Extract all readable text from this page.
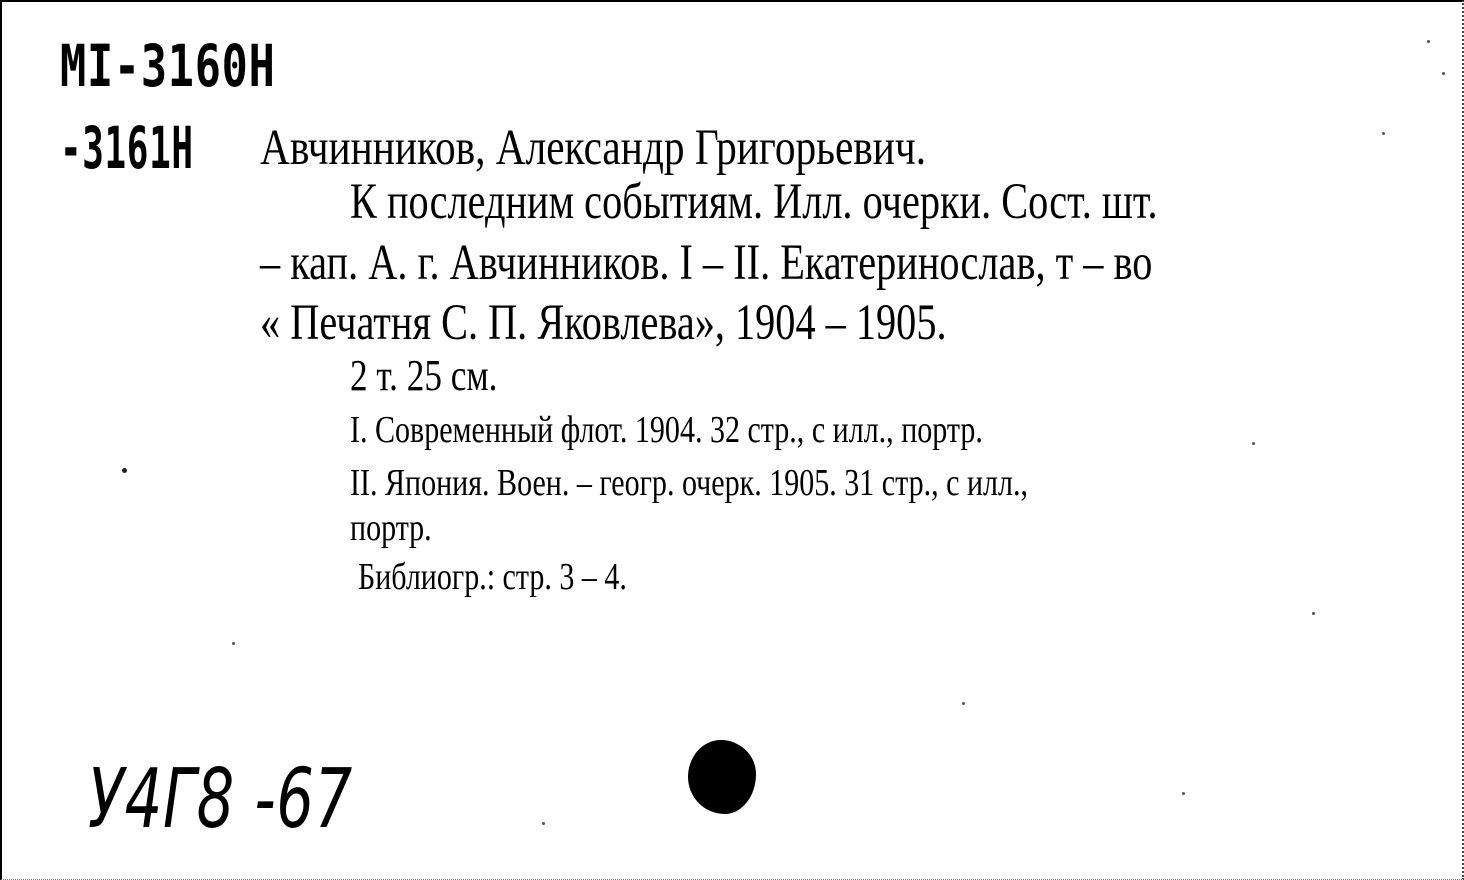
MI-3160H
-3161H Авчинников, Александр Григорьевич.
К последним событиям. Илл. очерки. Сост. шт.
– кап. А. г. Авчинников. I – II. Екатеринослав, т – во
« Печатня С. П. Яковлева», 1904 – 1905.
2 т. 25 см.
I. Современный флот. 1904. 32 стр., с илл., портр.
II. Япония. Воен. – геогр. очерк. 1905. 31 стр., с илл.,
портр.
Библиогр.: стр. 3 – 4.
У4Г8 -67
